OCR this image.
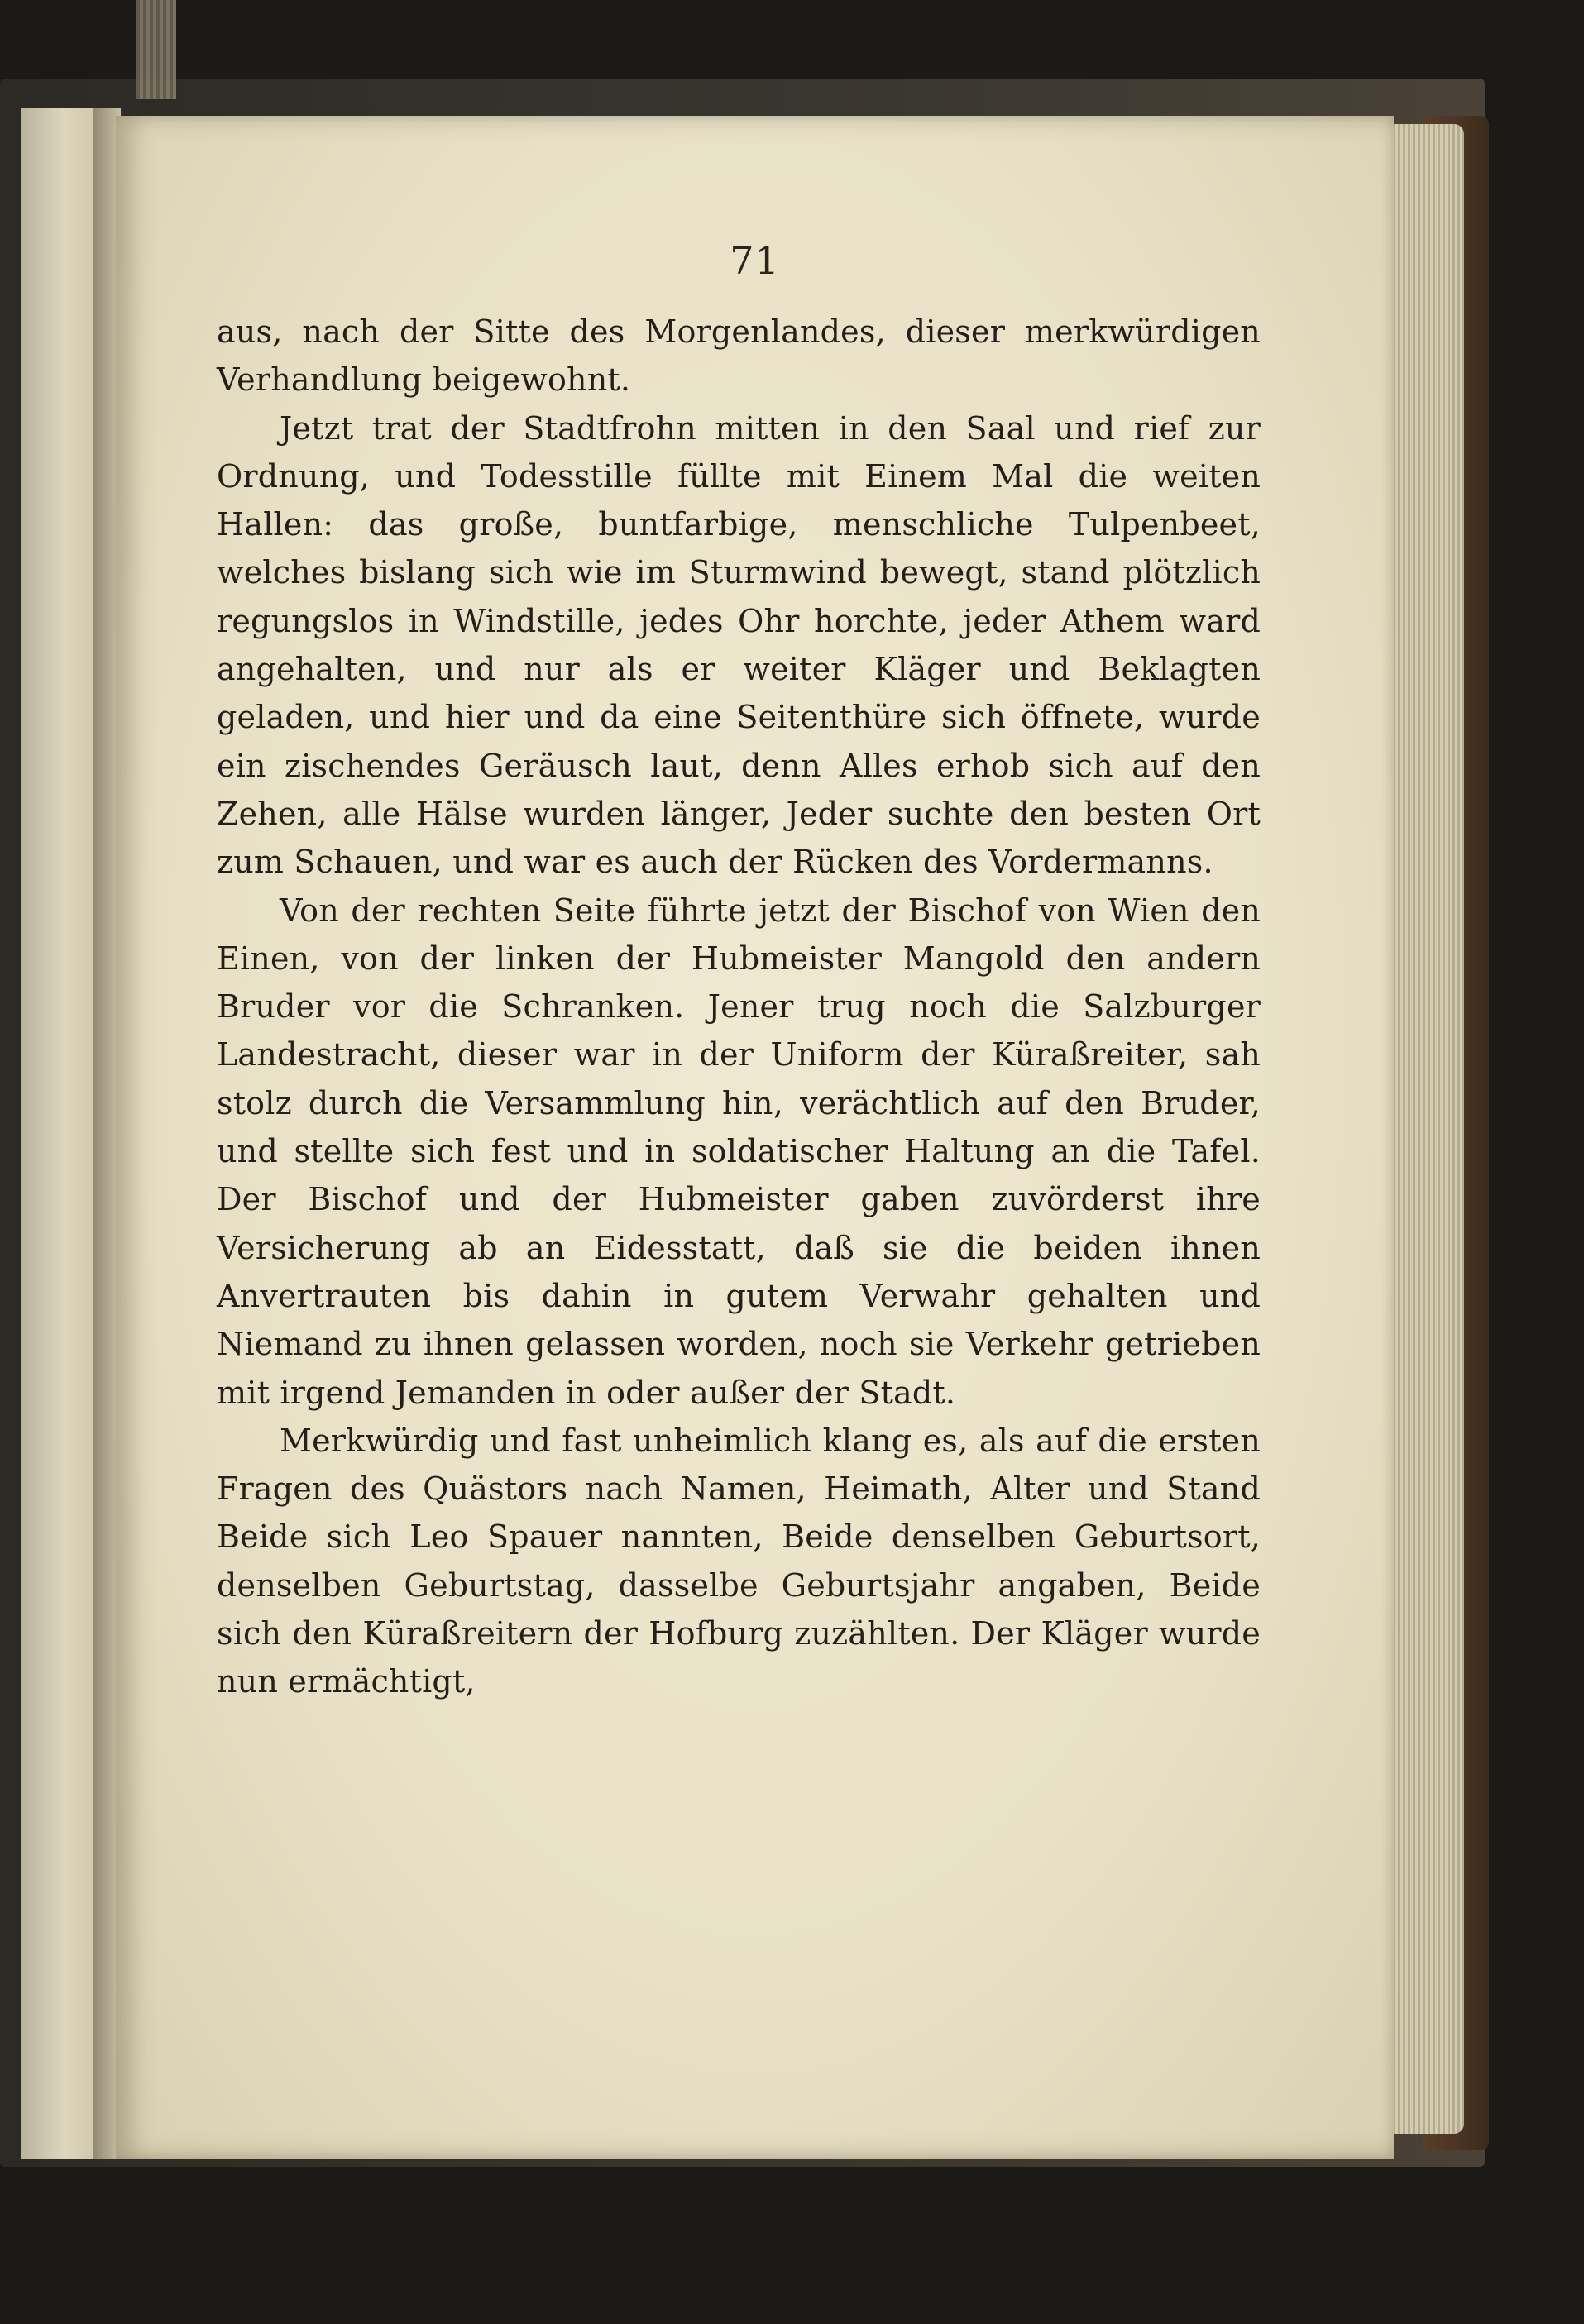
71

aus, nach der Sitte des Morgenlandes, dieser merkwürdigen Verhandlung beigewohnt.

Jetzt trat der Stadtfrohn mitten in den Saal und rief zur Ordnung, und Todesstille füllte mit Einem Mal die weiten Hallen: das große, buntfarbige, menschliche Tulpenbeet, welches bislang sich wie im Sturmwind bewegt, stand plötzlich regungslos in Windstille, jedes Ohr horchte, jeder Athem ward angehalten, und nur als er weiter Kläger und Beklagten geladen, und hier und da eine Seitenthüre sich öffnete, wurde ein zischendes Geräusch laut, denn Alles erhob sich auf den Zehen, alle Hälse wurden länger, Jeder suchte den besten Ort zum Schauen, und war es auch der Rücken des Vordermanns.

Von der rechten Seite führte jetzt der Bischof von Wien den Einen, von der linken der Hubmeister Mangold den andern Bruder vor die Schranken. Jener trug noch die Salzburger Landestracht, dieser war in der Uniform der Küraßreiter, sah stolz durch die Versammlung hin, verächtlich auf den Bruder, und stellte sich fest und in soldatischer Haltung an die Tafel. Der Bischof und der Hubmeister gaben zuvörderst ihre Versicherung ab an Eidesstatt, daß sie die beiden ihnen Anvertrauten bis dahin in gutem Verwahr gehalten und Niemand zu ihnen gelassen worden, noch sie Verkehr getrieben mit irgend Jemanden in oder außer der Stadt.

Merkwürdig und fast unheimlich klang es, als auf die ersten Fragen des Quästors nach Namen, Heimath, Alter und Stand Beide sich Leo Spauer nannten, Beide denselben Geburtsort, denselben Geburtstag, dasselbe Geburtsjahr angaben, Beide sich den Küraßreitern der Hofburg zuzählten. Der Kläger wurde nun ermächtigt,
